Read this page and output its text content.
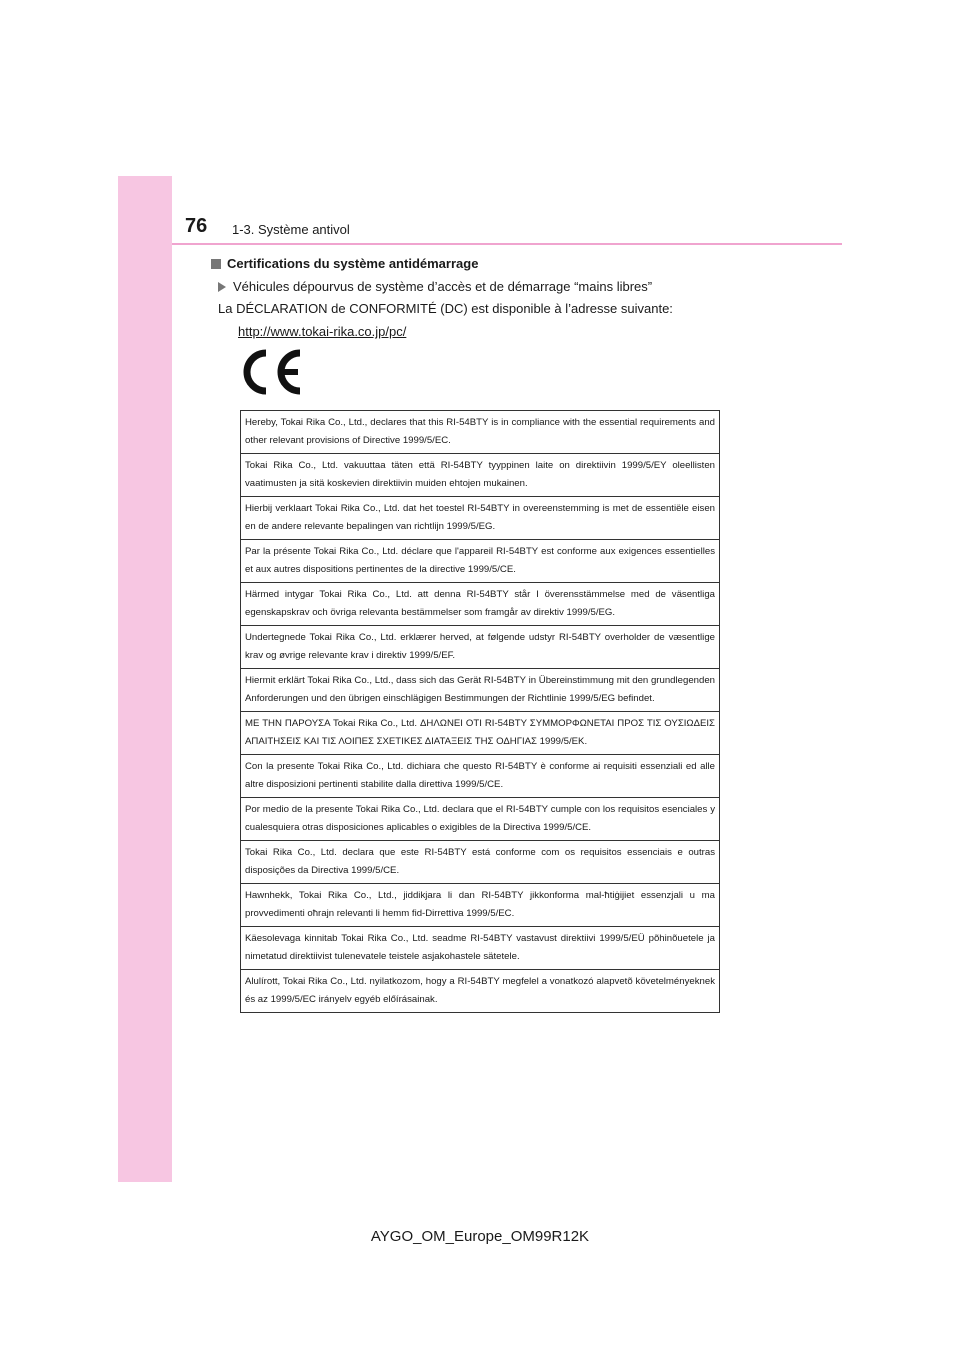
76 1-3. Système antivol
Certifications du système antidémarrage
Véhicules dépourvus de système d’accès et de démarrage “mains libres”
La DÉCLARATION de CONFORMITÉ (DC) est disponible à l’adresse suivante:
http://www.tokai-rika.co.jp/pc/
Hereby, Tokai Rika Co., Ltd., declares that this RI-54BTY is in compliance with the essential requirements and other relevant provisions of Directive 1999/5/EC.
Tokai Rika Co., Ltd. vakuuttaa täten että RI-54BTY tyyppinen laite on direktiivin 1999/5/EY oleellisten vaatimusten ja sitä koskevien direktiivin muiden ehtojen mukainen.
Hierbij verklaart Tokai Rika Co., Ltd. dat het toestel RI-54BTY in overeenstemming is met de essentiële eisen en de andere relevante bepalingen van richtlijn 1999/5/EG.
Par la présente Tokai Rika Co., Ltd. déclare que l'appareil RI-54BTY est conforme aux exigences essentielles et aux autres dispositions pertinentes de la directive 1999/5/CE.
Härmed intygar Tokai Rika Co., Ltd. att denna RI-54BTY står I överensstämmelse med de väsentliga egenskapskrav och övriga relevanta bestämmelser som framgår av direktiv 1999/5/EG.
Undertegnede Tokai Rika Co., Ltd. erklærer herved, at følgende udstyr RI-54BTY overholder de væsentlige krav og øvrige relevante krav i direktiv 1999/5/EF.
Hiermit erklärt Tokai Rika Co., Ltd., dass sich das Gerät RI-54BTY in Übereinstimmung mit den grundlegenden Anforderungen und den übrigen einschlägigen Bestimmungen der Richtlinie 1999/5/EG befindet.
ΜΕ ΤΗΝ ΠΑΡΟΥΣΑ Tokai Rika Co., Ltd. ΔΗΛΩΝΕΙ ΟΤΙ RI-54BTY ΣΥΜΜΟΡΦΩΝΕΤΑΙ ΠΡΟΣ ΤΙΣ ΟΥΣΙΩΔΕΙΣ ΑΠΑΙΤΗΣΕΙΣ ΚΑΙ ΤΙΣ ΛΟΙΠΕΣ ΣΧΕΤΙΚΕΣ ΔΙΑΤΑΞΕΙΣ ΤΗΣ ΟΔΗΓΙΑΣ 1999/5/ΕΚ.
Con la presente Tokai Rika Co., Ltd. dichiara che questo RI-54BTY è conforme ai requisiti essenziali ed alle altre disposizioni pertinenti stabilite dalla direttiva 1999/5/CE.
Por medio de la presente Tokai Rika Co., Ltd. declara que el RI-54BTY cumple con los requisitos esenciales y cualesquiera otras disposiciones aplicables o exigibles de la Directiva 1999/5/CE.
Tokai Rika Co., Ltd. declara que este RI-54BTY está conforme com os requisitos essenciais e outras disposições da Directiva 1999/5/CE.
Hawnhekk, Tokai Rika Co., Ltd., jiddikjara li dan RI-54BTY jikkonforma mal-ħtiġijiet essenzjali u ma provvedimenti oħrajn relevanti li hemm fid-Dirrettiva 1999/5/EC.
Käesolevaga kinnitab Tokai Rika Co., Ltd. seadme RI-54BTY vastavust direktiivi 1999/5/EÜ põhinõuetele ja nimetatud direktiivist tulenevatele teistele asjakohastele sätetele.
Alulírott, Tokai Rika Co., Ltd. nyilatkozom, hogy a RI-54BTY megfelel a vonatkozó alapvetõ követelményeknek és az 1999/5/EC irányelv egyéb előírásainak.
AYGO_OM_Europe_OM99R12K
